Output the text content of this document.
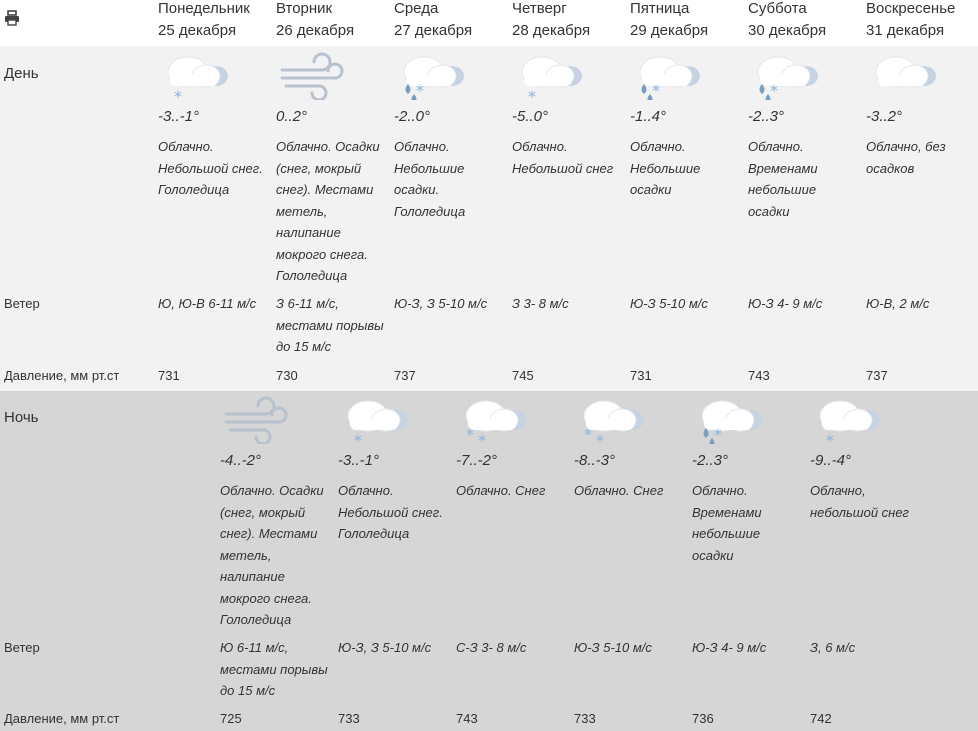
Понедельник
25 декабря
Вторник
26 декабря
Среда
27 декабря
Четверг
28 декабря
Пятница
29 декабря
Суббота
30 декабря
Воскресенье
31 декабря
День
Ветер
Давление, мм рт.ст
Ночь
Ветер
Давление, мм рт.ст
*
-3..-1°
Облачно. Небольшой снег. Гололедица
Ю, Ю-В 6-11 м/с
731
0..2°
Облачно. Осадки (снег, мокрый снег). Местами метель, налипание мокрого снега. Гололедица
З 6-11 м/с, местами порывы до 15 м/с
730
*
-2..0°
Облачно. Небольшие осадки. Гололедица
Ю-З, З 5-10 м/с
737
*
-5..0°
Облачно. Небольшой снег
З 3- 8 м/с
745
*
-1..4°
Облачно. Небольшие осадки
Ю-З 5-10 м/с
731
*
-2..3°
Облачно. Временами небольшие осадки
Ю-З 4- 9 м/с
743
-3..2°
Облачно, без осадков
Ю-В, 2 м/с
737
-4..-2°
Облачно. Осадки (снег, мокрый снег). Местами метель, налипание мокрого снега. Гололедица
Ю 6-11 м/с, местами порывы до 15 м/с
725
*
-3..-1°
Облачно. Небольшой снег. Гололедица
Ю-З, З 5-10 м/с
733
* *
-7..-2°
Облачно. Снег
С-З 3- 8 м/с
743
* *
-8..-3°
Облачно. Снег
Ю-З 5-10 м/с
733
*
-2..3°
Облачно. Временами небольшие осадки
Ю-З 4- 9 м/с
736
*
-9..-4°
Облачно, небольшой снег
З, 6 м/с
742
